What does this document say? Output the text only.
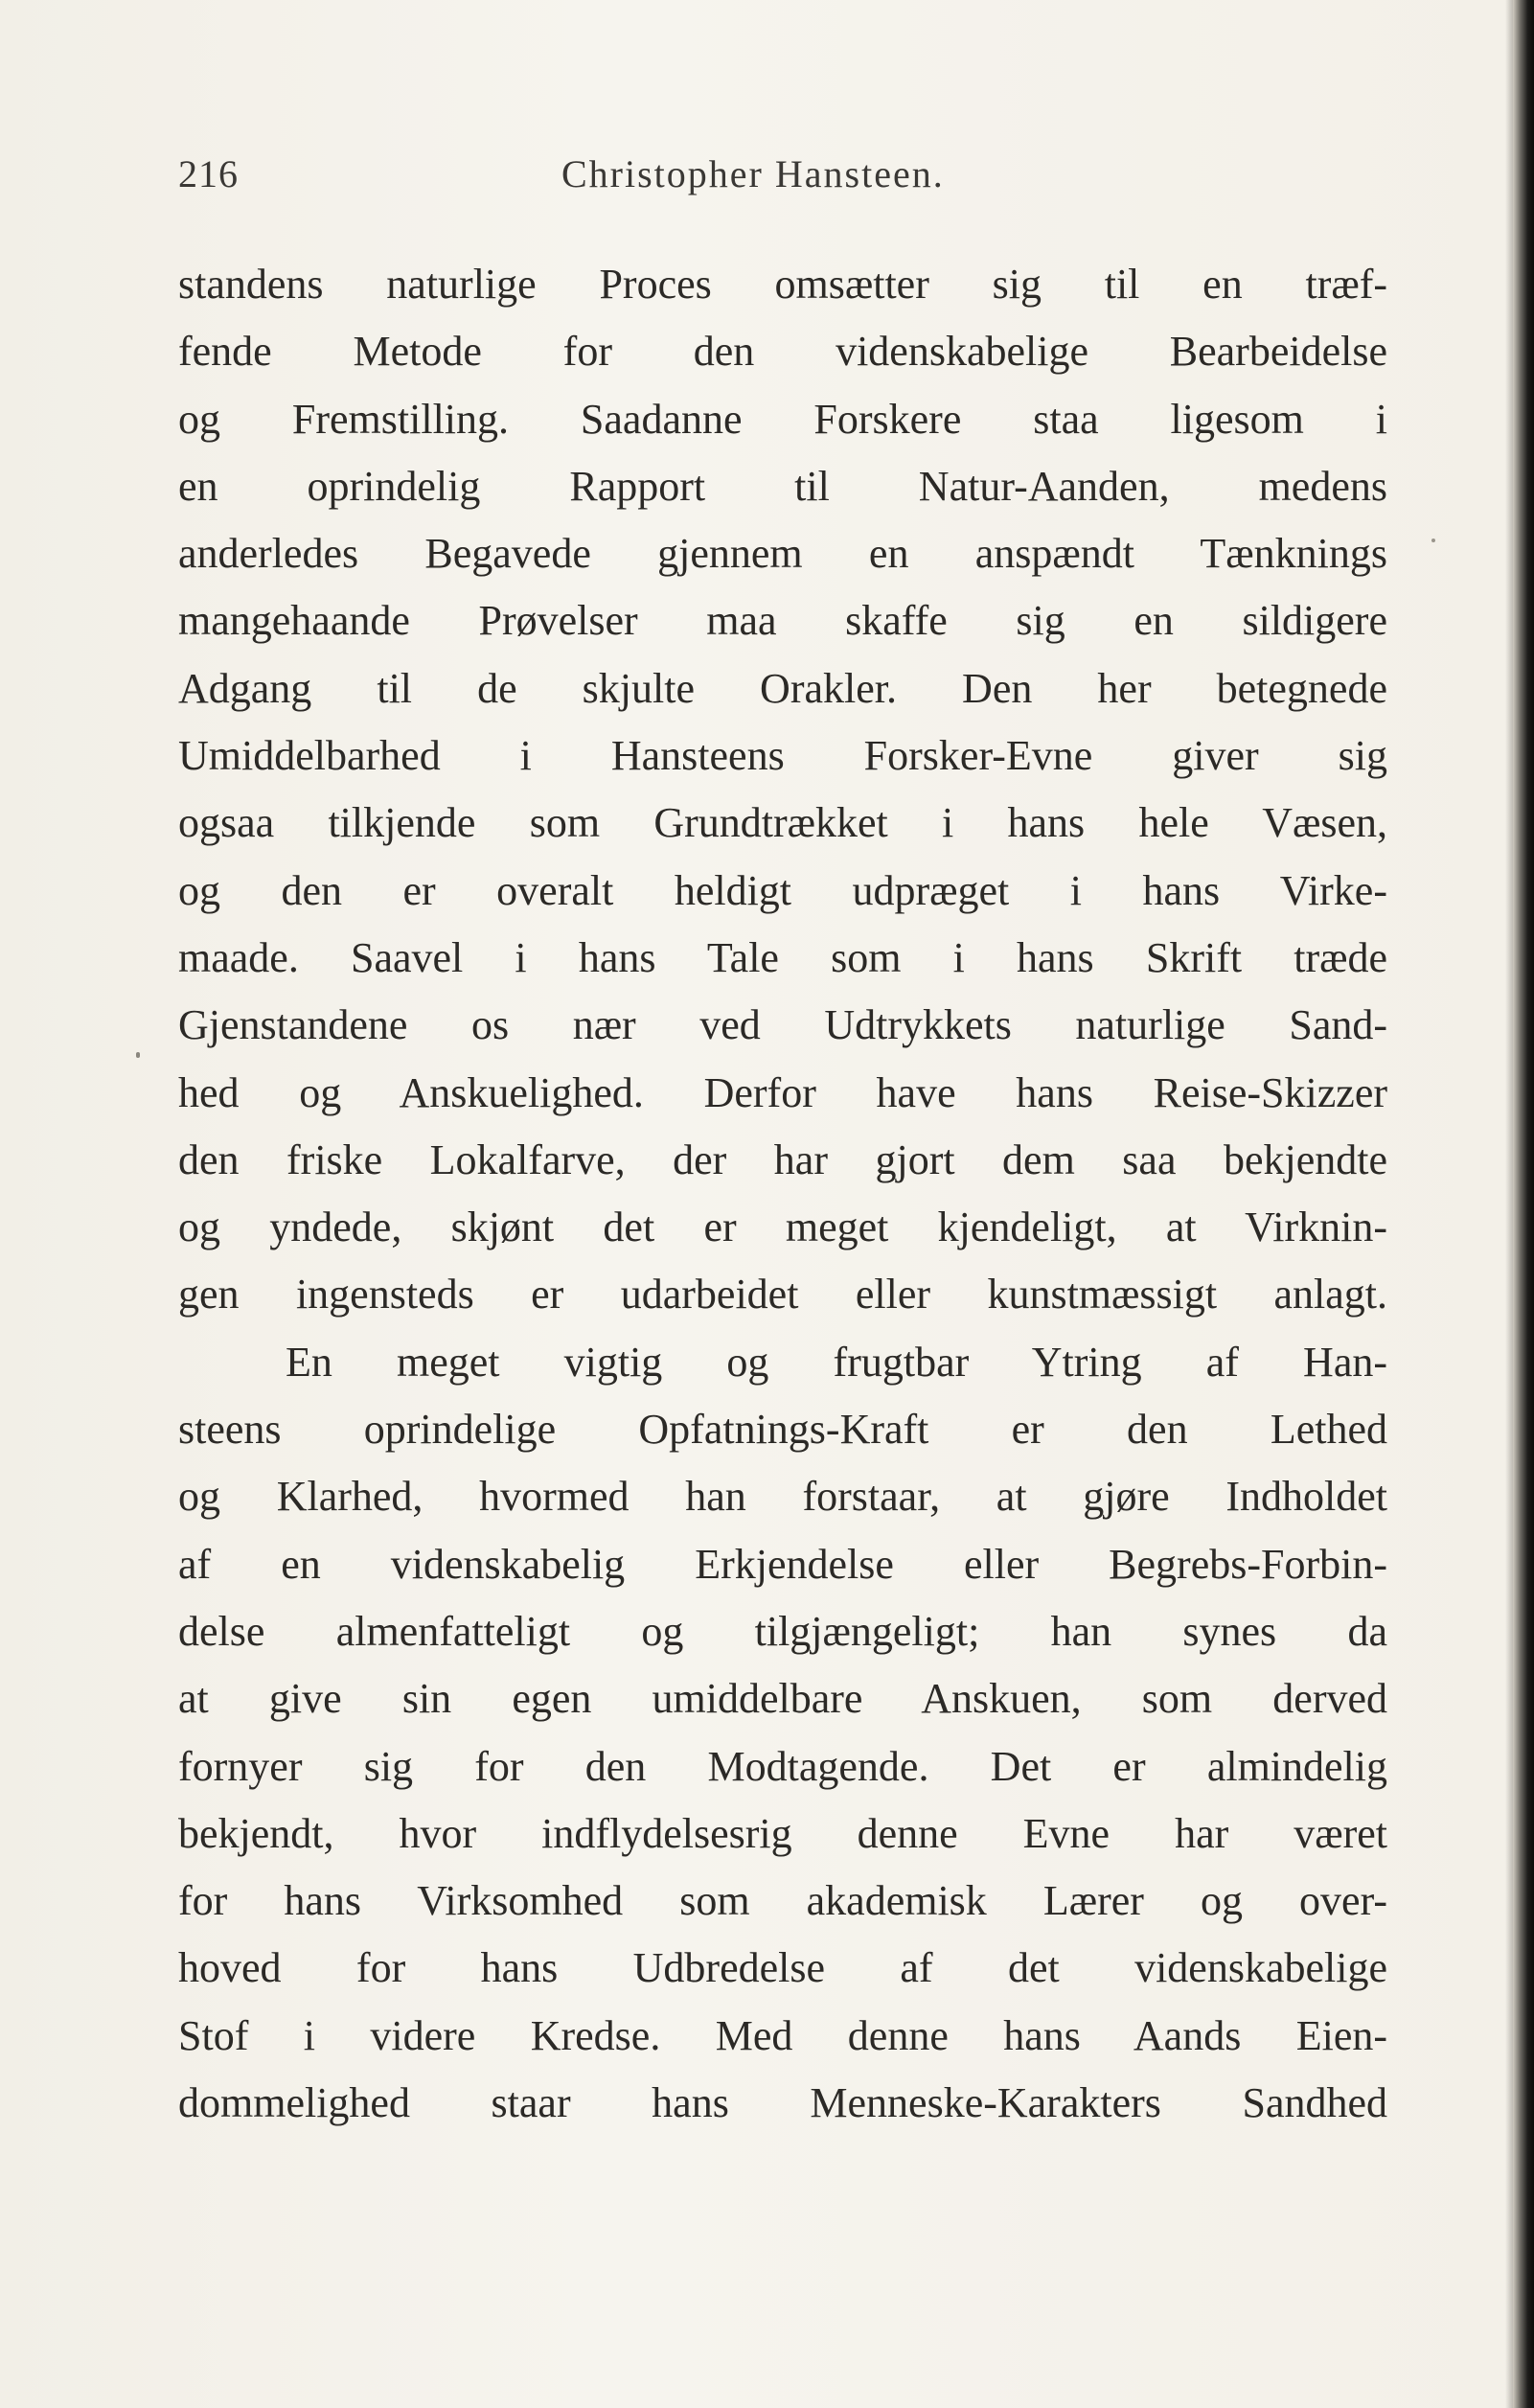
216	Christopher Hansteen.
standens naturlige Proces omsætter sig til en træf-
fende Metode for den videnskabelige Bearbeidelse
og Fremstilling. Saadanne Forskere staa ligesom i
en oprindelig Rapport til Natur-Aanden, medens
anderledes Begavede gjennem en anspændt Tænknings
mangehaande Prøvelser maa skaffe sig en sildigere
Adgang til de skjulte Orakler. Den her betegnede
Umiddelbarhed i Hansteens Forsker-Evne giver sig
ogsaa tilkjende som Grundtrækket i hans hele Væsen,
og den er overalt heldigt udpræget i hans Virke-
maade. Saavel i hans Tale som i hans Skrift træde
Gjenstandene os nær ved Udtrykkets naturlige Sand-
hed og Anskuelighed. Derfor have hans Reise-Skizzer
den friske Lokalfarve, der har gjort dem saa bekjendte
og yndede, skjønt det er meget kjendeligt, at Virknin-
gen ingensteds er udarbeidet eller kunstmæssigt anlagt.
En meget vigtig og frugtbar Ytring af Han-
steens oprindelige Opfatnings-Kraft er den Lethed
og Klarhed, hvormed han forstaar, at gjøre Indholdet
af en videnskabelig Erkjendelse eller Begrebs-Forbin-
delse almenfatteligt og tilgjængeligt; han synes da
at give sin egen umiddelbare Anskuen, som derved
fornyer sig for den Modtagende. Det er almindelig
bekjendt, hvor indflydelsesrig denne Evne har været
for hans Virksomhed som akademisk Lærer og over-
hoved for hans Udbredelse af det videnskabelige
Stof i videre Kredse. Med denne hans Aands Eien-
dommelighed staar hans Menneske-Karakters Sandhed
